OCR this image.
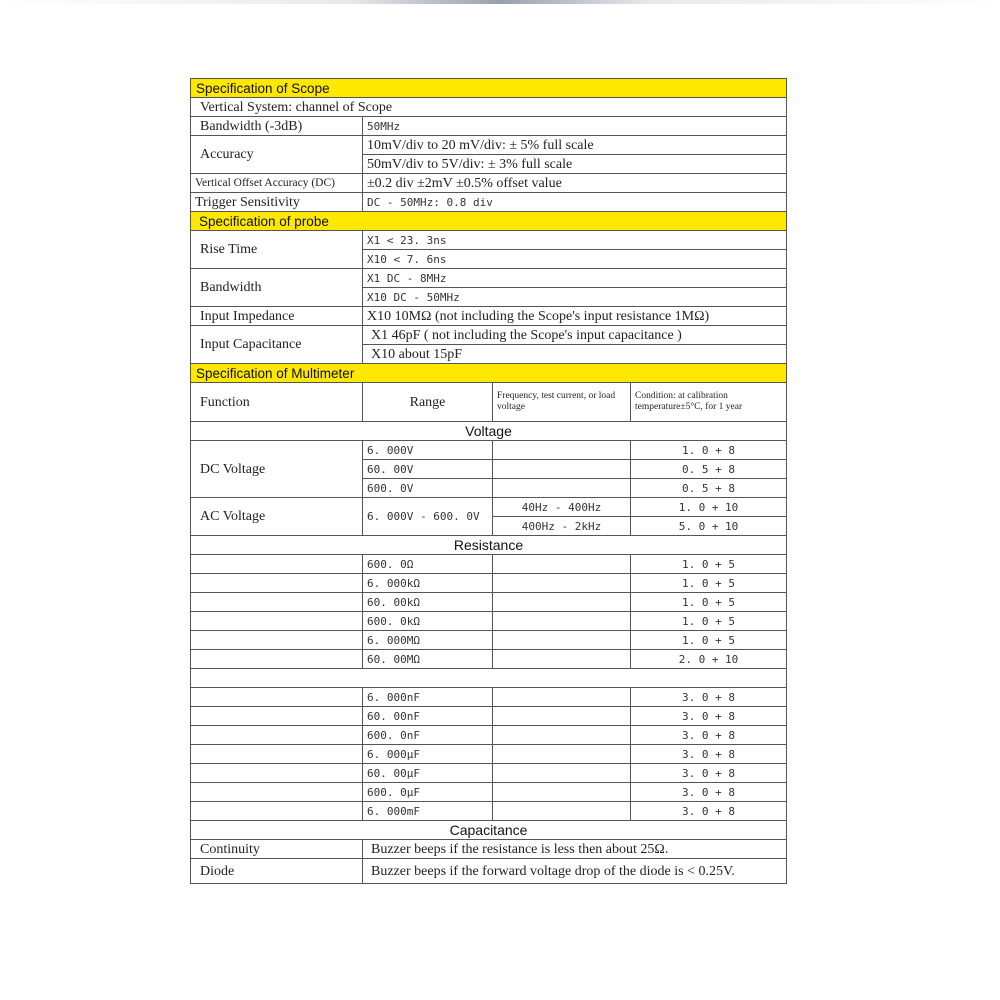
Specification of Scope			
Vertical System: channel of Scope			
Bandwidth (-3dB)	50MHz		
Accuracy	10mV/div to 20 mV/div: ± 5% full scale		
	50mV/div to 5V/div: ± 3% full scale		
Vertical Offset Accuracy (DC)	±0.2 div ±2mV ±0.5% offset value		
Trigger Sensitivity	DC - 50MHz: 0.8 div		
Specification of probe			
Rise Time	X1 < 23. 3ns		
	X10 < 7. 6ns		
Bandwidth	X1 DC - 8MHz		
	X10 DC - 50MHz		
Input Impedance	X10 10MΩ (not including the Scope's input resistance 1MΩ)		
Input Capacitance	X1 46pF ( not including the Scope's input capacitance )		
	X10 about 15pF		
Specification of Multimeter			
Function	Range	Frequency, test current, or load voltage	Condition: at calibration temperature±5°C, for 1 year
Voltage			
DC Voltage	6. 000V		1. 0 + 8
	60. 00V		0. 5 + 8
	600. 0V		0. 5 + 8
AC Voltage	6. 000V - 600. 0V	40Hz - 400Hz	1. 0 + 10
		400Hz - 2kHz	5. 0 + 10
Resistance			
	600. 0Ω		1. 0 + 5
	6. 000kΩ		1. 0 + 5
	60. 00kΩ		1. 0 + 5
	600. 0kΩ		1. 0 + 5
	6. 000MΩ		1. 0 + 5
	60. 00MΩ		2. 0 + 10

	6. 000nF		3. 0 + 8
	60. 00nF		3. 0 + 8
	600. 0nF		3. 0 + 8
	6. 000μF		3. 0 + 8
	60. 00μF		3. 0 + 8
	600. 0μF		3. 0 + 8
	6. 000mF		3. 0 + 8
Capacitance			
Continuity	Buzzer beeps if the resistance is less then about 25Ω.		
Diode	Buzzer beeps if the forward voltage drop of the diode is < 0.25V.		
